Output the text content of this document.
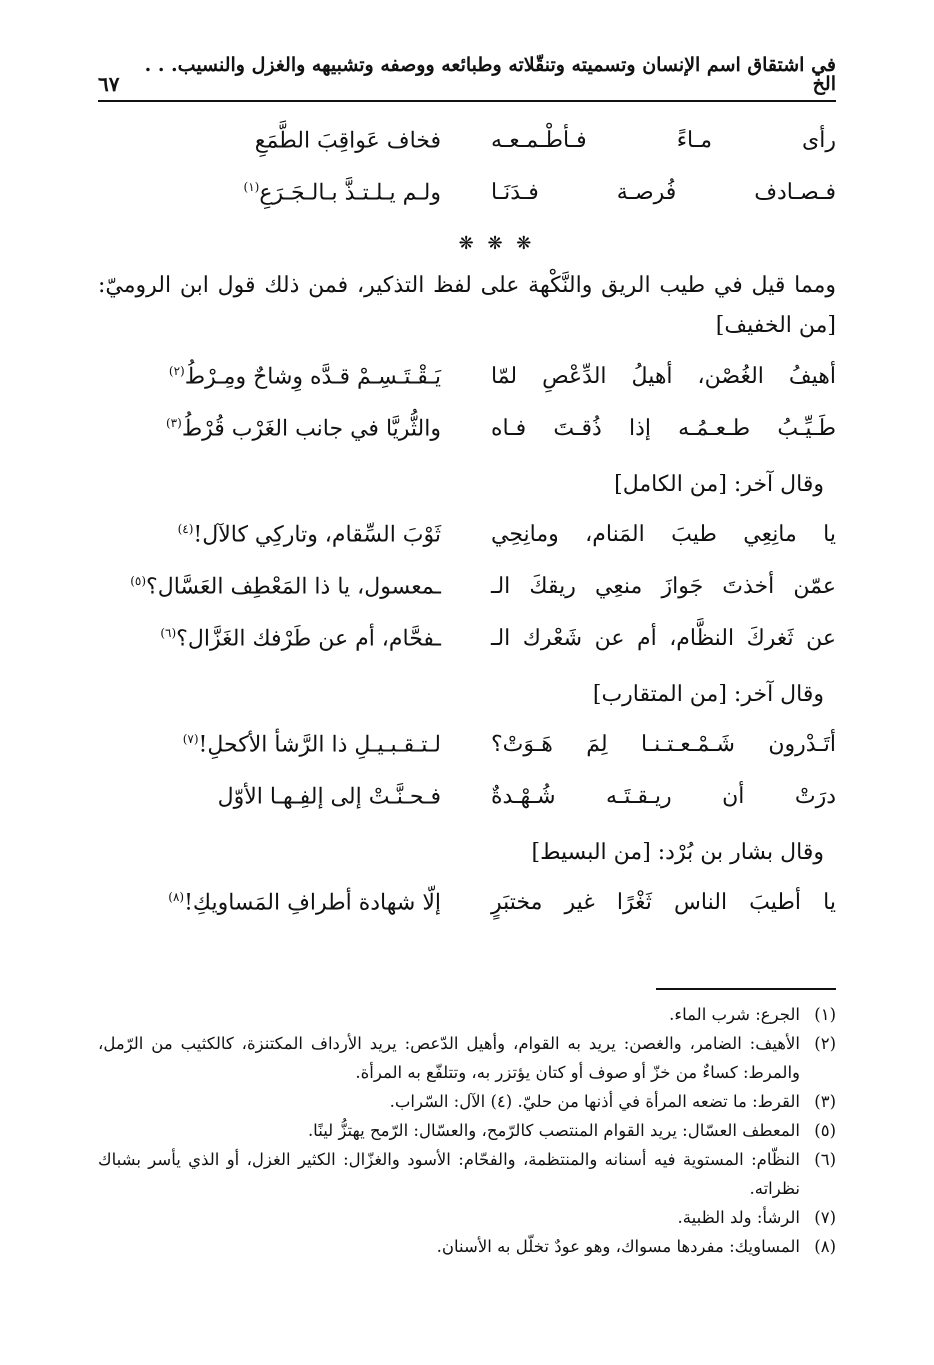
في اشتقاق اسم الإنسان وتسميته وتنقّلاته وطبائعه ووصفه وتشبيهه والغزل والنسيب. . . الخ
٦٧
رأى مـاءً فـأطْـمـعـه
فخاف عَواقِبَ الطَّمَعِ
فـصـادف فُرصـة فـدَنَـا
ولـم يـلـتـذَّ بـالـجَـرَعِ$^{(١)}$
❋ ❋ ❋
ومما قيل في طيب الريق والنَّكْهة على لفظ التذكير، فمن ذلك قول ابن الروميّ: [من الخفيف]
أهيفُ الغُصْن، أهيلُ الدِّعْصِ لمّا
يَـقْـتَـسِـمْ قـدَّه وِشاحٌ ومِـرْطُ$^{(٢)}$
طَـيِّـبُ طـعـمُـه إذا ذُقـتَ فـاه
والثُّريَّا في جانب الغَرْب قُرْطُ$^{(٣)}$
وقال آخر: [من الكامل]
يا مانِعِي طيبَ المَنام، ومانِحِي
ثَوْبَ السِّقام، وتاركِي كالآل!$^{(٤)}$
عمّن أخذتَ جَوازَ منعِي ريقكَ الـ
ـمعسول، يا ذا المَعْطِف العَسَّال؟$^{(٥)}$
عن ثَغركَ النظَّام، أم عن شَعْرك الـ
ـفحَّام، أم عن طَرْفك الغَزَّال؟$^{(٦)}$
وقال آخر: [من المتقارب]
أتَـدْرون شَـمْـعـتـنـا لِمَ هَـوَتْ؟
لـتـقـبـيـلِ ذا الرَّشأ الأكحلِ!$^{(٧)}$
درَتْ أن ريـقـتَـه شُـهْـدةٌ
فـحـنَّـتْ إلى إلفِـهـا الأوّل
وقال بشار بن بُرْد: [من البسيط]
يا أطيبَ الناس ثَغْرًا غير مختبَرٍ
إلّا شهادة أطرافِ المَساويكِ!$^{(٨)}$
(١)
الجرع: شرب الماء.
(٢)
الأهيف: الضامر، والغصن: يريد به القوام، وأهيل الدّعص: يريد الأرداف المكتنزة، كالكثيب من الرّمل، والمرط: كساءٌ من خزّ أو صوف أو كتان يؤتزر به، وتتلفّع به المرأة.
(٣)
القرط: ما تضعه المرأة في أذنها من حليّ. (٤) الآل: السّراب.
(٥)
المعطف العسّال: يريد القوام المنتصب كالرّمح، والعسّال: الرّمح يهتزُّ لينًا.
(٦)
النظّام: المستوية فيه أسنانه والمنتظمة، والفحّام: الأسود والغزّال: الكثير الغزل، أو الذي يأسر بشباك نظراته.
(٧)
الرشأ: ولد الظبية.
(٨)
المساويك: مفردها مسواك، وهو عودٌ تخلّل به الأسنان.
